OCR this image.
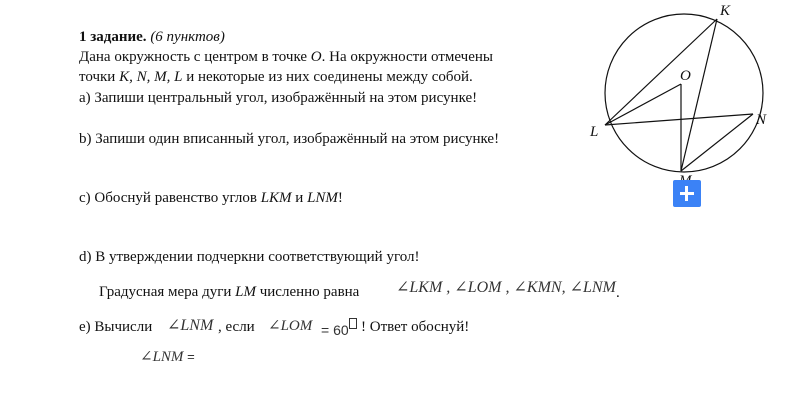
1 задание. (6 пунктов)
Дана окружность с центром в точке O. На окружности отмечены
точки K, N, M, L и некоторые из них соединены между собой.
a) Запиши центральный угол, изображённый на этом рисунке!
b) Запиши один вписанный угол, изображённый на этом рисунке!
c) Обоснуй равенство углов LKM и LNM!
d) В утверждении подчеркни соответствующий угол!
Градусная мера дуги LM численно равна ∠LKM , ∠LOM , ∠KMN, ∠LNM .
e) Вычисли ∠LNM , если ∠LOM = 60 ! Ответ обоснуй!
∠LNM =
K
O
N
L
